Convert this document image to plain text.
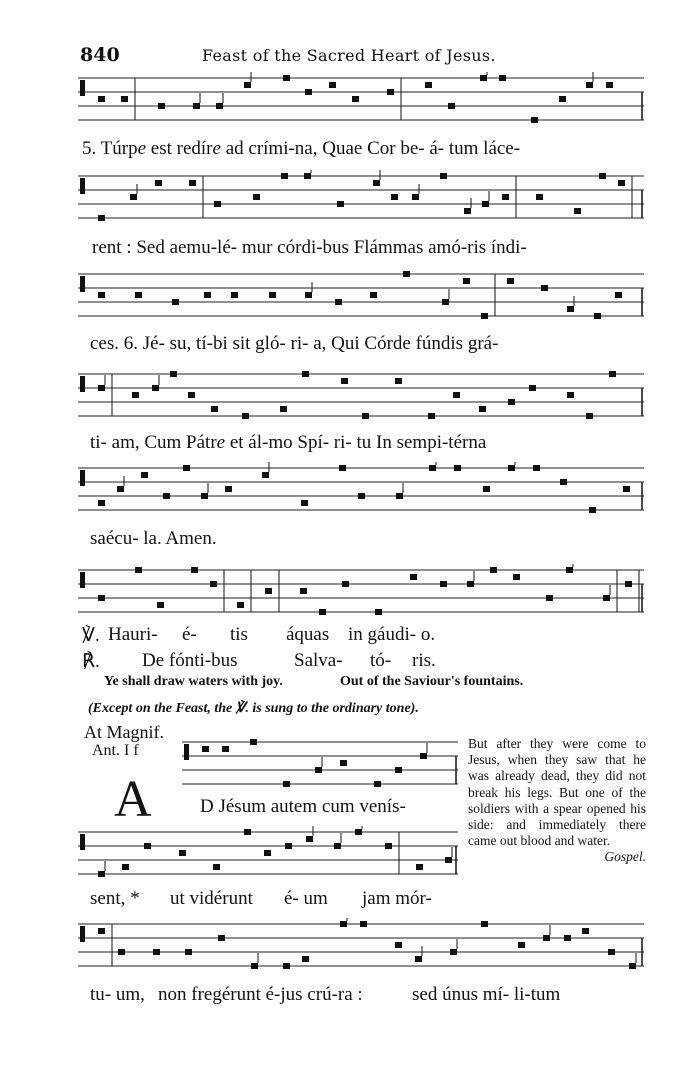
840	Feast of the Sacred Heart of Jesus.
5. Túrpe est redíre ad crími-na, Quae Cor be- á- tum láce-
rent : Sed aemu-lé- mur córdi-bus Flámmas amó-ris índi-
ces. 6. Jé- su, tí-bi sit gló- ri- a, Qui Córde fúndis grá-
ti- am, Cum Pátre et ál-mo Spí- ri- tu In sempi-térna
saécu- la. Amen.
℣. Hauri- é- tis áquas in gáudi- o.
℟. De fónti-bus	Salva- tó- ris.
Ye shall draw waters with joy.	Out of the Saviour's fountains.
(Except on the Feast, the ℣. is sung to the ordinary tone).
At Magnif.
Ant. I f
A	D Jésum autem cum venís-
sent, * ut vidérunt é- um jam mór-
tu- um, non fregérunt é-jus crú-ra :	sed únus mí- li-tum
But after they were come to Jesus, when they saw that he was already dead, they did not break his legs. But one of the soldiers with a spear opened his side: and immediately there came out blood and water.
Gospel.
